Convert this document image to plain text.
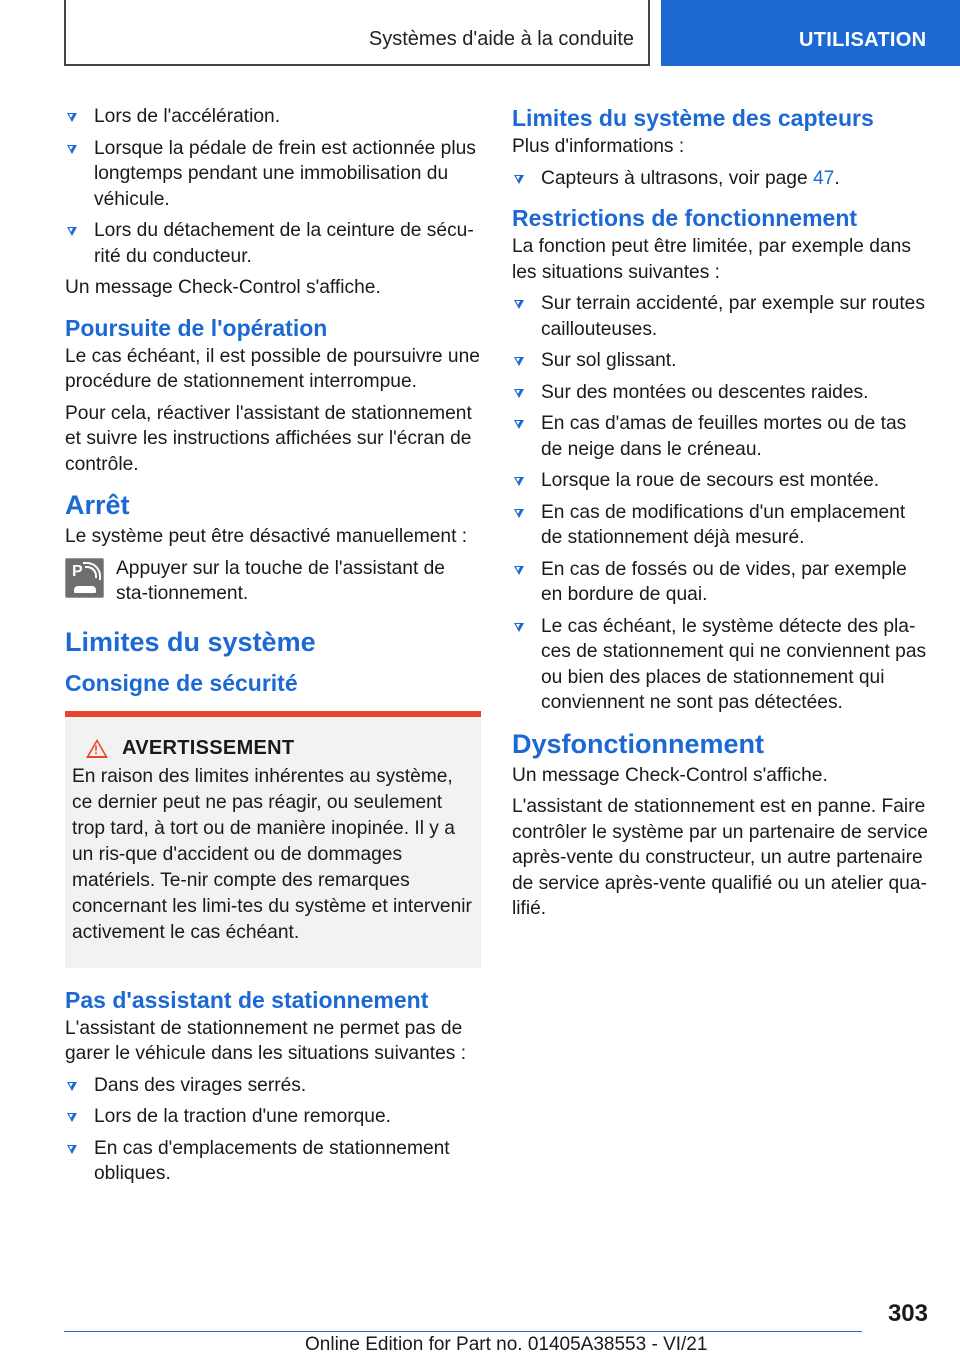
Systèmes d'aide à la conduite	UTILISATION
Lors de l'accélération.
Lorsque la pédale de frein est actionnée plus longtemps pendant une immobilisation du véhicule.
Lors du détachement de la ceinture de sécu‐rité du conducteur.

Un message Check-Control s'affiche.

Poursuite de l'opération

Le cas échéant, il est possible de poursuivre une procédure de stationnement interrompue.

Pour cela, réactiver l'assistant de stationnement et suivre les instructions affichées sur l'écran de contrôle.

Arrêt

Le système peut être désactivé manuellement :

P Appuyer sur la touche de l'assistant de sta‐tionnement.

Limites du système
Consigne de sécurité
!
AVERTISSEMENT

En raison des limites inhérentes au système, ce dernier peut ne pas réagir, ou seulement trop tard, à tort ou de manière inopinée. Il y a un ris‐que d'accident ou de dommages matériels. Te‐nir compte des remarques concernant les limi‐tes du système et intervenir activement le cas échéant.

Pas d'assistant de stationnement

L'assistant de stationnement ne permet pas de garer le véhicule dans les situations suivantes :

Dans des virages serrés.
Lors de la traction d'une remorque.
En cas d'emplacements de stationnement obliques.
Limites du système des capteurs

Plus d'informations :

Capteurs à ultrasons, voir page 47.
Restrictions de fonctionnement

La fonction peut être limitée, par exemple dans les situations suivantes :

Sur terrain accidenté, par exemple sur routes caillouteuses.
Sur sol glissant.
Sur des montées ou descentes raides.
En cas d'amas de feuilles mortes ou de tas de neige dans le créneau.
Lorsque la roue de secours est montée.
En cas de modifications d'un emplacement de stationnement déjà mesuré.
En cas de fossés ou de vides, par exemple en bordure de quai.
Le cas échéant, le système détecte des pla‐ces de stationnement qui ne conviennent pas ou bien des places de stationnement qui conviennent ne sont pas détectées.
Dysfonctionnement

Un message Check-Control s'affiche.

L'assistant de stationnement est en panne. Faire contrôler le système par un partenaire de service après-vente du constructeur, un autre partenaire de service après-vente qualifié ou un atelier qua‐lifié.

303
Online Edition for Part no. 01405A38553 - VI/21
